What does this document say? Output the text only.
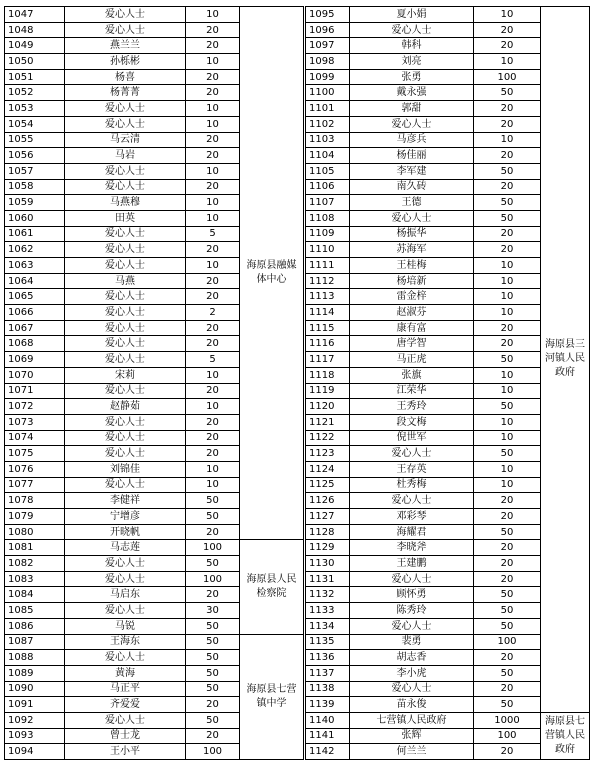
1047	爱心人士	10	海原县融媒体中心
1048	爱心人士	20	
1049	燕兰兰	20	
1050	孙栎彬	10	
1051	杨喜	20	
1052	杨菁菁	20	
1053	爱心人士	10	
1054	爱心人士	10	
1055	马云清	20	
1056	马岩	20	
1057	爱心人士	10	
1058	爱心人士	20	
1059	马燕穆	10	
1060	田英	10	
1061	爱心人士	5	
1062	爱心人士	20	
1063	爱心人士	10	
1064	马燕	20	
1065	爱心人士	20	
1066	爱心人士	2	
1067	爱心人士	20	
1068	爱心人士	20	
1069	爱心人士	5	
1070	宋莉	10	
1071	爱心人士	20	
1072	赵静茹	10	
1073	爱心人士	20	
1074	爱心人士	20	
1075	爱心人士	20	
1076	刘锦佳	10	
1077	爱心人士	10	
1078	李健祥	50	
1079	宁增彦	50	
1080	开晓帆	20	
1081	马志莲	100	海原县人民检察院
1082	爱心人士	50	
1083	爱心人士	100	
1084	马启东	20	
1085	爱心人士	30	
1086	马锐	50	
1087	王海东	50	海原县七营镇中学
1088	爱心人士	50	
1089	黄海	50	
1090	马正平	50	
1091	齐爱爱	20	
1092	爱心人士	50	
1093	曾士龙	20	
1094	王小平	100	
1095	夏小娟	10	海原县三河镇人民政府
1096	爱心人士	20	
1097	韩科	20	
1098	刘亮	10	
1099	张勇	100	
1100	戴永强	50	
1101	郭甜	20	
1102	爱心人士	20	
1103	马彦兵	10	
1104	杨佳丽	20	
1105	李军建	50	
1106	南久砖	20	
1107	王德	50	
1108	爱心人士	50	
1109	杨振华	20	
1110	苏海军	20	
1111	王桂梅	10	
1112	杨培新	10	
1113	雷金梓	10	
1114	赵淑芬	10	
1115	康有富	20	
1116	唐学智	20	
1117	马正虎	50	
1118	张旗	10	
1119	江荣华	10	
1120	王秀玲	50	
1121	段文梅	10	
1122	倪世军	10	
1123	爱心人士	50	
1124	王存英	10	
1125	杜秀梅	10	
1126	爱心人士	20	
1127	邓彩琴	20	
1128	海耀君	50	
1129	李晓斧	20	
1130	王建鹏	20	
1131	爱心人士	20	
1132	顾怀勇	50	
1133	陈秀玲	50	
1134	爱心人士	50	
1135	裴勇	100	
1136	胡志香	20	
1137	李小虎	50	
1138	爱心人士	20	
1139	苗永俊	50	
1140	七营镇人民政府	1000	海原县七营镇人民政府
1141	张辉	100	
1142	何兰兰	20	
